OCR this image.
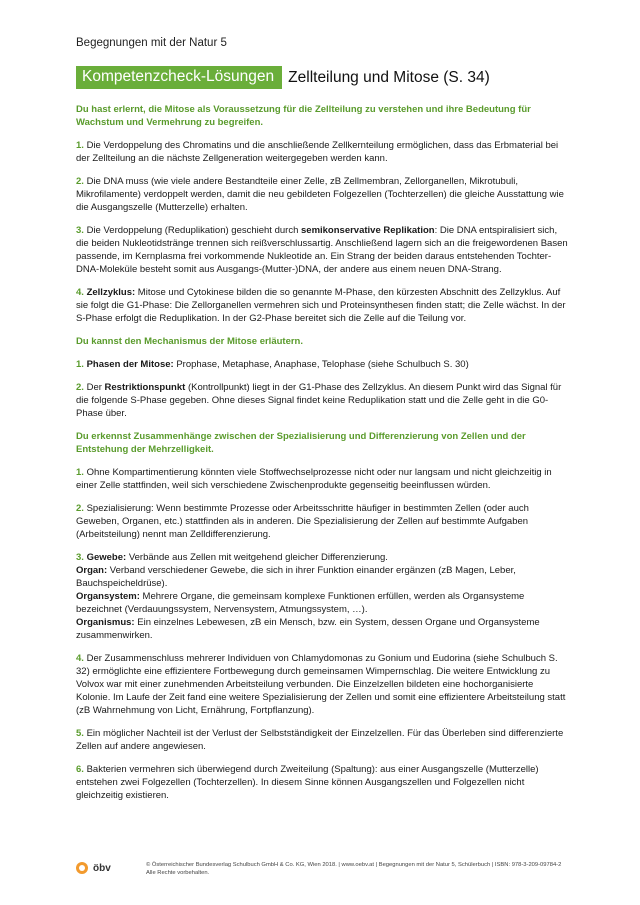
Begegnungen mit der Natur 5
Kompetenzcheck-Lösungen Zellteilung und Mitose (S. 34)

Du hast erlernt, die Mitose als Voraussetzung für die Zellteilung zu verstehen und ihre Bedeutung für Wachstum und Vermehrung zu begreifen.

1. Die Verdoppelung des Chromatins und die anschließende Zellkernteilung ermöglichen, dass das Erbmaterial bei der Zellteilung an die nächste Zellgeneration weitergegeben werden kann.

2. Die DNA muss (wie viele andere Bestandteile einer Zelle, zB Zellmembran, Zellorganellen, Mikrotubuli, Mikrofilamente) verdoppelt werden, damit die neu gebildeten Folgezellen (Tochterzellen) die gleiche Ausstattung wie die Ausgangszelle (Mutterzelle) erhalten.

3. Die Verdoppelung (Reduplikation) geschieht durch semikonservative Replikation: Die DNA entspiralisiert sich, die beiden Nukleotidstränge trennen sich reißverschlussartig. Anschließend lagern sich an die freigewordenen Basen passende, im Kernplasma frei vorkommende Nukleotide an. Ein Strang der beiden daraus entstehenden Tochter-DNA-Moleküle besteht somit aus Ausgangs-(Mutter-)DNA, der andere aus einem neuen DNA-Strang.

4. Zellzyklus: Mitose und Cytokinese bilden die so genannte M-Phase, den kürzesten Abschnitt des Zellzyklus. Auf sie folgt die G1-Phase: Die Zellorganellen vermehren sich und Proteinsynthesen finden statt; die Zelle wächst. In der S-Phase erfolgt die Reduplikation. In der G2-Phase bereitet sich die Zelle auf die Teilung vor.

Du kannst den Mechanismus der Mitose erläutern.

1. Phasen der Mitose: Prophase, Metaphase, Anaphase, Telophase (siehe Schulbuch S. 30)

2. Der Restriktionspunkt (Kontrollpunkt) liegt in der G1-Phase des Zellzyklus. An diesem Punkt wird das Signal für die folgende S-Phase gegeben. Ohne dieses Signal findet keine Reduplikation statt und die Zelle geht in die G0-Phase über.

Du erkennst Zusammenhänge zwischen der Spezialisierung und Differenzierung von Zellen und der Entstehung der Mehrzelligkeit.

1. Ohne Kompartimentierung könnten viele Stoffwechselprozesse nicht oder nur langsam und nicht gleichzeitig in einer Zelle stattfinden, weil sich verschiedene Zwischenprodukte gegenseitig beeinflussen würden.

2. Spezialisierung: Wenn bestimmte Prozesse oder Arbeitsschritte häufiger in bestimmten Zellen (oder auch Geweben, Organen, etc.) stattfinden als in anderen. Die Spezialisierung der Zellen auf bestimmte Aufgaben (Arbeitsteilung) nennt man Zelldifferenzierung.

3. Gewebe: Verbände aus Zellen mit weitgehend gleicher Differenzierung.

Organ: Verband verschiedener Gewebe, die sich in ihrer Funktion einander ergänzen (zB Magen, Leber, Bauchspeicheldrüse).

Organsystem: Mehrere Organe, die gemeinsam komplexe Funktionen erfüllen, werden als Organsysteme bezeichnet (Verdauungssystem, Nervensystem, Atmungssystem, …).

Organismus: Ein einzelnes Lebewesen, zB ein Mensch, bzw. ein System, dessen Organe und Organsysteme zusammenwirken.

4. Der Zusammenschluss mehrerer Individuen von Chlamydomonas zu Gonium und Eudorina (siehe Schulbuch S. 32) ermöglichte eine effizientere Fortbewegung durch gemeinsamen Wimpernschlag. Die weitere Entwicklung zu Volvox war mit einer zunehmenden Arbeitsteilung verbunden. Die Einzelzellen bildeten eine hochorganisierte Kolonie. Im Laufe der Zeit fand eine weitere Spezialisierung der Zellen und somit eine effizientere Arbeitsteilung statt (zB Wahrnehmung von Licht, Ernährung, Fortpflanzung).

5. Ein möglicher Nachteil ist der Verlust der Selbstständigkeit der Einzelzellen. Für das Überleben sind differenzierte Zellen auf andere angewiesen.

6. Bakterien vermehren sich überwiegend durch Zweiteilung (Spaltung): aus einer Ausgangszelle (Mutterzelle) entstehen zwei Folgezellen (Tochterzellen). In diesem Sinne können Ausgangszellen und Folgezellen nicht gleichzeitig existieren.

öbv	© Österreichischer Bundesverlag Schulbuch GmbH & Co. KG, Wien 2018. | www.oebv.at | Begegnungen mit der Natur 5, Schülerbuch | ISBN: 978-3-209-09784-2
Alle Rechte vorbehalten.
